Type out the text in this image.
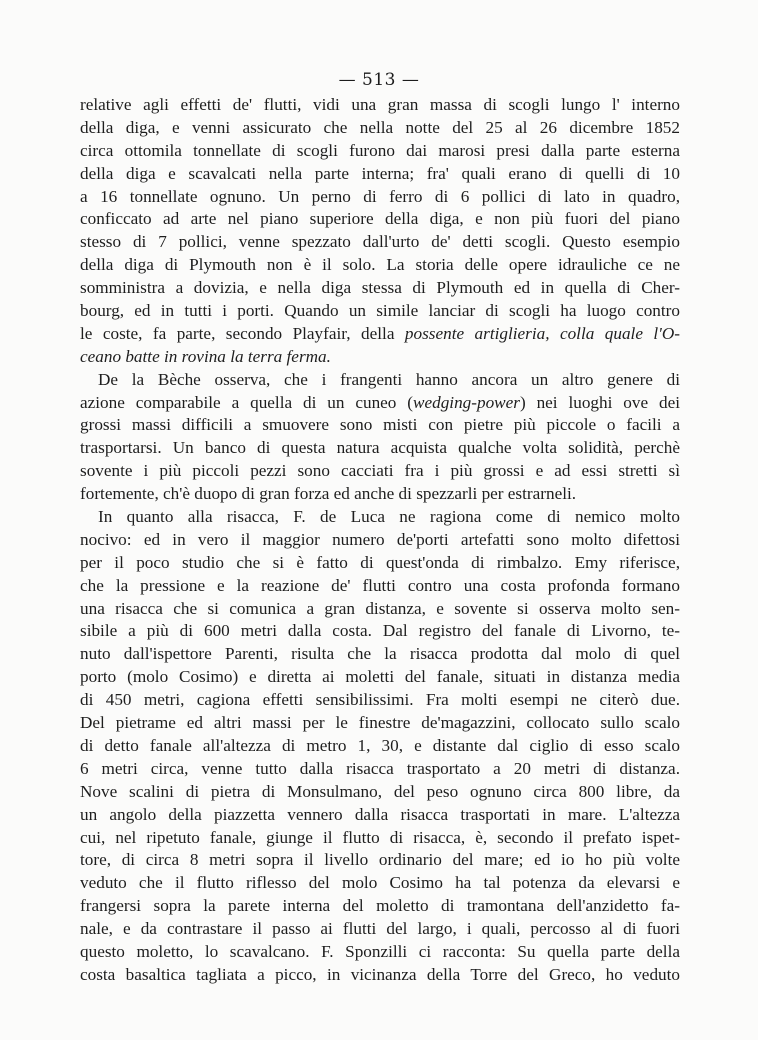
— 513 —
relative agli effetti de' flutti, vidi una gran massa di scogli lungo l' interno
della diga, e venni assicurato che nella notte del 25 al 26 dicembre 1852
circa ottomila tonnellate di scogli furono dai marosi presi dalla parte esterna
della diga e scavalcati nella parte interna; fra' quali erano di quelli di 10
a 16 tonnellate ognuno. Un perno di ferro di 6 pollici di lato in quadro,
conficcato ad arte nel piano superiore della diga, e non più fuori del piano
stesso di 7 pollici, venne spezzato dall'urto de' detti scogli. Questo esempio
della diga di Plymouth non è il solo. La storia delle opere idrauliche ce ne
somministra a dovizia, e nella diga stessa di Plymouth ed in quella di Cher-
bourg, ed in tutti i porti. Quando un simile lanciar di scogli ha luogo contro
le coste, fa parte, secondo Playfair, della possente artiglieria, colla quale l'O-
ceano batte in rovina la terra ferma.
De la Bèche osserva, che i frangenti hanno ancora un altro genere di
azione comparabile a quella di un cuneo (wedging-power) nei luoghi ove dei
grossi massi difficili a smuovere sono misti con pietre più piccole o facili a
trasportarsi. Un banco di questa natura acquista qualche volta solidità, perchè
sovente i più piccoli pezzi sono cacciati fra i più grossi e ad essi stretti sì
fortemente, ch'è duopo di gran forza ed anche di spezzarli per estrarneli.
In quanto alla risacca, F. de Luca ne ragiona come di nemico molto
nocivo: ed in vero il maggior numero de'porti artefatti sono molto difettosi
per il poco studio che si è fatto di quest'onda di rimbalzo. Emy riferisce,
che la pressione e la reazione de' flutti contro una costa profonda formano
una risacca che si comunica a gran distanza, e sovente si osserva molto sen-
sibile a più di 600 metri dalla costa. Dal registro del fanale di Livorno, te-
nuto dall'ispettore Parenti, risulta che la risacca prodotta dal molo di quel
porto (molo Cosimo) e diretta ai moletti del fanale, situati in distanza media
di 450 metri, cagiona effetti sensibilissimi. Fra molti esempi ne citerò due.
Del pietrame ed altri massi per le finestre de'magazzini, collocato sullo scalo
di detto fanale all'altezza di metro 1, 30, e distante dal ciglio di esso scalo
6 metri circa, venne tutto dalla risacca trasportato a 20 metri di distanza.
Nove scalini di pietra di Monsulmano, del peso ognuno circa 800 libre, da
un angolo della piazzetta vennero dalla risacca trasportati in mare. L'altezza
cui, nel ripetuto fanale, giunge il flutto di risacca, è, secondo il prefato ispet-
tore, di circa 8 metri sopra il livello ordinario del mare; ed io ho più volte
veduto che il flutto riflesso del molo Cosimo ha tal potenza da elevarsi e
frangersi sopra la parete interna del moletto di tramontana dell'anzidetto fa-
nale, e da contrastare il passo ai flutti del largo, i quali, percosso al di fuori
questo moletto, lo scavalcano. F. Sponzilli ci racconta: Su quella parte della
costa basaltica tagliata a picco, in vicinanza della Torre del Greco, ho veduto
